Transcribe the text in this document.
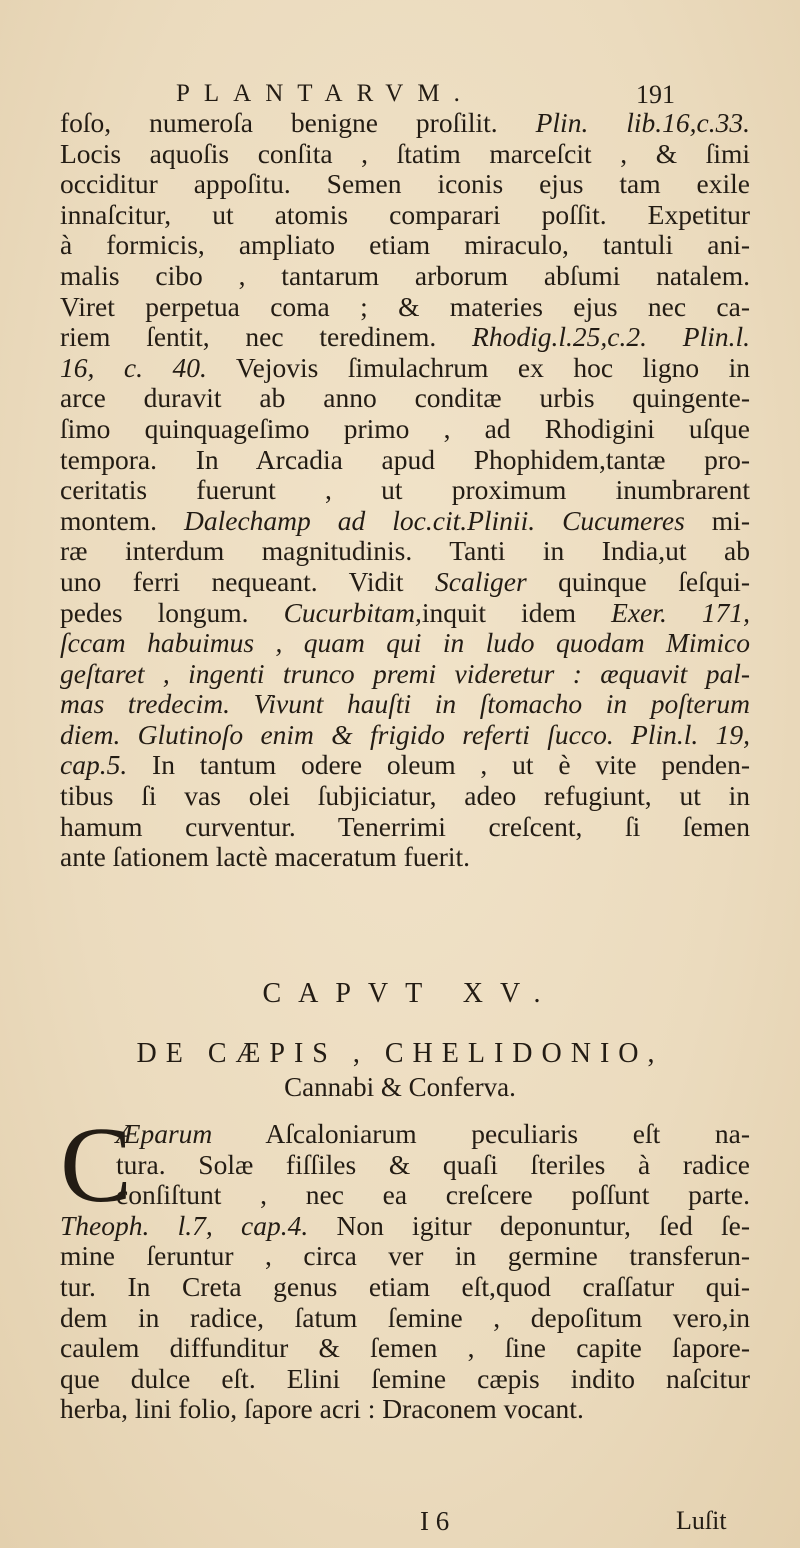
PLANTARVM.	191
foſo, numeroſa benigne proſilit. Plin. lib.16,c.33.
Locis aquoſis conſita , ſtatim marceſcit , & ſimi
occiditur appoſitu. Semen iconis ejus tam exile
innaſcitur, ut atomis comparari poſſit. Expetitur
à formicis, ampliato etiam miraculo, tantuli ani-
malis cibo , tantarum arborum abſumi natalem.
Viret perpetua coma ; & materies ejus nec ca-
riem ſentit, nec teredinem. Rhodig.l.25,c.2. Plin.l.
16, c. 40. Vejovis ſimulachrum ex hoc ligno in
arce duravit ab anno conditæ urbis quingente-
ſimo quinquageſimo primo , ad Rhodigini uſque
tempora. In Arcadia apud Phophidem,tantæ pro-
ceritatis fuerunt , ut proximum inumbrarent
montem. Dalechamp ad loc.cit.Plinii. Cucumeres mi-
ræ interdum magnitudinis. Tanti in India,ut ab
uno ferri nequeant. Vidit Scaliger quinque ſeſqui-
pedes longum. Cucurbitam,inquit idem Exer. 171,
ſccam habuimus , quam qui in ludo quodam Mimico
geſtaret , ingenti trunco premi videretur : æquavit pal-
mas tredecim. Vivunt hauſti in ſtomacho in poſterum
diem. Glutinoſo enim & frigido referti ſucco. Plin.l. 19,
cap.5. In tantum odere oleum , ut è vite penden-
tibus ſi vas olei ſubjiciatur, adeo refugiunt, ut in
hamum curventur. Tenerrimi creſcent, ſi ſemen
ante ſationem lactè maceratum fuerit.
CAPVT XV.
DE CÆPIS , CHELIDONIO,
Cannabi & Conferva.
C
Æparum Aſcaloniarum peculiaris eſt na-
tura. Solæ fiſſiles & quaſi ſteriles à radice
conſiſtunt , nec ea creſcere poſſunt parte.
Theoph. l.7, cap.4. Non igitur deponuntur, ſed ſe-
mine ſeruntur , circa ver in germine transferun-
tur. In Creta genus etiam eſt,quod craſſatur qui-
dem in radice, ſatum ſemine , depoſitum vero,in
caulem diffunditur & ſemen , ſine capite ſapore-
que dulce eſt. Elini ſemine cæpis indito naſcitur
herba, lini folio, ſapore acri : Draconem vocant.
I 6	Luſit
